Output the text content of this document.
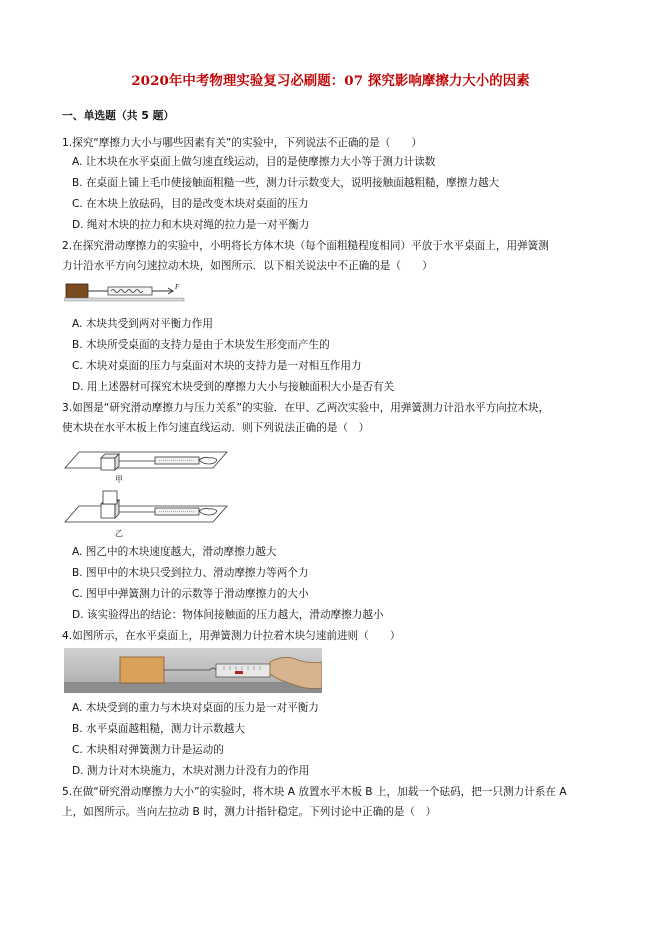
2020年中考物理实验复习必刷题：07 探究影响摩擦力大小的因素
一、单选题（共 5 题）
1.探究“摩擦力大小与哪些因素有关”的实验中，下列说法不正确的是（　　）
A. 让木块在水平桌面上做匀速直线运动，目的是使摩擦力大小等于测力计读数
B. 在桌面上铺上毛巾使接触面粗糙一些，测力计示数变大，说明接触面越粗糙，摩擦力越大
C. 在木块上放砝码，目的是改变木块对桌面的压力
D. 绳对木块的拉力和木块对绳的拉力是一对平衡力
2.在探究滑动摩擦力的实验中，小明将长方体木块（每个面粗糙程度相同）平放于水平桌面上，用弹簧测
力计沿水平方向匀速拉动木块，如图所示．以下相关说法中不正确的是（　　）
F
A. 木块共受到两对平衡力作用
B. 木块所受桌面的支持力是由于木块发生形变而产生的
C. 木块对桌面的压力与桌面对木块的支持力是一对相互作用力
D. 用上述器材可探究木块受到的摩擦力大小与接触面积大小是否有关
3.如图是“研究滑动摩擦力与压力关系”的实验．在甲、乙两次实验中，用弹簧测力计沿水平方向拉木块，
使木块在水平木板上作匀速直线运动．则下列说法正确的是（　）
甲
乙
A. 图乙中的木块速度越大，滑动摩擦力越大
B. 图甲中的木块只受到拉力、滑动摩擦力等两个力
C. 图甲中弹簧测力计的示数等于滑动摩擦力的大小
D. 该实验得出的结论：物体间接触面的压力越大，滑动摩擦力越小
4.如图所示，在水平桌面上，用弹簧测力计拉着木块匀速前进则（　　）
A. 木块受到的重力与木块对桌面的压力是一对平衡力
B. 水平桌面越粗糙，测力计示数越大
C. 木块相对弹簧测力计是运动的
D. 测力计对木块施力，木块对测力计没有力的作用
5.在做“研究滑动摩擦力大小”的实验时，将木块 A 放置水平木板 B 上，加载一个砝码，把一只测力计系在 A
上，如图所示。当向左拉动 B 时，测力计指针稳定。下列讨论中正确的是（　）
